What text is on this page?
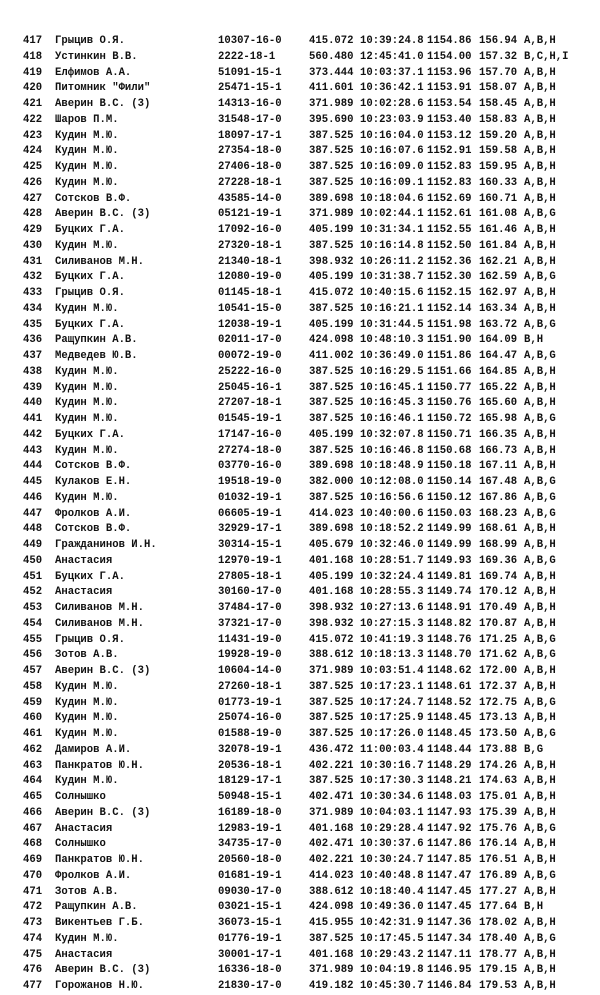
417 Грыцив О.Я.	10307-16-0	415.072 10:39:24.8 1154.86 156.94 A,B,H
418 Устинкин В.В.	2222-18-1	560.480 12:45:41.0 1154.00 157.32 B,C,H,I
419 Елфимов А.А.	51091-15-1	373.444 10:03:37.1 1153.96 157.70 A,B,H
420 Питомник "Фили"	25471-15-1	411.601 10:36:42.1 1153.91 158.07 A,B,H
421 Аверин В.С. (3)	14313-16-0	371.989 10:02:28.6 1153.54 158.45 A,B,H
422 Шаров П.М.	31548-17-0	395.690 10:23:03.9 1153.40 158.83 A,B,H
423 Кудин М.Ю.	18097-17-1	387.525 10:16:04.0 1153.12 159.20 A,B,H
424 Кудин М.Ю.	27354-18-0	387.525 10:16:07.6 1152.91 159.58 A,B,H
425 Кудин М.Ю.	27406-18-0	387.525 10:16:09.0 1152.83 159.95 A,B,H
426 Кудин М.Ю.	27228-18-1	387.525 10:16:09.1 1152.83 160.33 A,B,H
427 Сотсков В.Ф.	43585-14-0	389.698 10:18:04.6 1152.69 160.71 A,B,H
428 Аверин В.С. (3)	05121-19-1	371.989 10:02:44.1 1152.61 161.08 A,B,G
429 Буцких Г.А.	17092-16-0	405.199 10:31:34.1 1152.55 161.46 A,B,H
430 Кудин М.Ю.	27320-18-1	387.525 10:16:14.8 1152.50 161.84 A,B,H
431 Силиванов М.Н.	21340-18-1	398.932 10:26:11.2 1152.36 162.21 A,B,H
432 Буцких Г.А.	12080-19-0	405.199 10:31:38.7 1152.30 162.59 A,B,G
433 Грыцив О.Я.	01145-18-1	415.072 10:40:15.6 1152.15 162.97 A,B,H
434 Кудин М.Ю.	10541-15-0	387.525 10:16:21.1 1152.14 163.34 A,B,H
435 Буцких Г.А.	12038-19-1	405.199 10:31:44.5 1151.98 163.72 A,B,G
436 Ращупкин А.В.	02011-17-0	424.098 10:48:10.3 1151.90 164.09 B,H
437 Медведев Ю.В.	00072-19-0	411.002 10:36:49.0 1151.86 164.47 A,B,G
438 Кудин М.Ю.	25222-16-0	387.525 10:16:29.5 1151.66 164.85 A,B,H
439 Кудин М.Ю.	25045-16-1	387.525 10:16:45.1 1150.77 165.22 A,B,H
440 Кудин М.Ю.	27207-18-1	387.525 10:16:45.3 1150.76 165.60 A,B,H
441 Кудин М.Ю.	01545-19-1	387.525 10:16:46.1 1150.72 165.98 A,B,G
442 Буцких Г.А.	17147-16-0	405.199 10:32:07.8 1150.71 166.35 A,B,H
443 Кудин М.Ю.	27274-18-0	387.525 10:16:46.8 1150.68 166.73 A,B,H
444 Сотсков В.Ф.	03770-16-0	389.698 10:18:48.9 1150.18 167.11 A,B,H
445 Кулаков Е.Н.	19518-19-0	382.000 10:12:08.0 1150.14 167.48 A,B,G
446 Кудин М.Ю.	01032-19-1	387.525 10:16:56.6 1150.12 167.86 A,B,G
447 Фролков А.И.	06605-19-1	414.023 10:40:00.6 1150.03 168.23 A,B,G
448 Сотсков В.Ф.	32929-17-1	389.698 10:18:52.2 1149.99 168.61 A,B,H
449 Гражданинов И.Н.	30314-15-1	405.679 10:32:46.0 1149.99 168.99 A,B,H
450 Анастасия	12970-19-1	401.168 10:28:51.7 1149.93 169.36 A,B,G
451 Буцких Г.А.	27805-18-1	405.199 10:32:24.4 1149.81 169.74 A,B,H
452 Анастасия	30160-17-0	401.168 10:28:55.3 1149.74 170.12 A,B,H
453 Силиванов М.Н.	37484-17-0	398.932 10:27:13.6 1148.91 170.49 A,B,H
454 Силиванов М.Н.	37321-17-0	398.932 10:27:15.3 1148.82 170.87 A,B,H
455 Грыцив О.Я.	11431-19-0	415.072 10:41:19.3 1148.76 171.25 A,B,G
456 Зотов А.В.	19928-19-0	388.612 10:18:13.3 1148.70 171.62 A,B,G
457 Аверин В.С. (3)	10604-14-0	371.989 10:03:51.4 1148.62 172.00 A,B,H
458 Кудин М.Ю.	27260-18-1	387.525 10:17:23.1 1148.61 172.37 A,B,H
459 Кудин М.Ю.	01773-19-1	387.525 10:17:24.7 1148.52 172.75 A,B,G
460 Кудин М.Ю.	25074-16-0	387.525 10:17:25.9 1148.45 173.13 A,B,H
461 Кудин М.Ю.	01588-19-0	387.525 10:17:26.0 1148.45 173.50 A,B,G
462 Дамиров А.И.	32078-19-1	436.472 11:00:03.4 1148.44 173.88 B,G
463 Панкратов Ю.Н.	20536-18-1	402.221 10:30:16.7 1148.29 174.26 A,B,H
464 Кудин М.Ю.	18129-17-1	387.525 10:17:30.3 1148.21 174.63 A,B,H
465 Солнышко	50948-15-1	402.471 10:30:34.6 1148.03 175.01 A,B,H
466 Аверин В.С. (3)	16189-18-0	371.989 10:04:03.1 1147.93 175.39 A,B,H
467 Анастасия	12983-19-1	401.168 10:29:28.4 1147.92 175.76 A,B,G
468 Солнышко	34735-17-0	402.471 10:30:37.6 1147.86 176.14 A,B,H
469 Панкратов Ю.Н.	20560-18-0	402.221 10:30:24.7 1147.85 176.51 A,B,H
470 Фролков А.И.	01681-19-1	414.023 10:40:48.8 1147.47 176.89 A,B,G
471 Зотов А.В.	09030-17-0	388.612 10:18:40.4 1147.45 177.27 A,B,H
472 Ращупкин А.В.	03021-15-1	424.098 10:49:36.0 1147.45 177.64 B,H
473 Викентьев Г.Б.	36073-15-1	415.955 10:42:31.9 1147.36 178.02 A,B,H
474 Кудин М.Ю.	01776-19-1	387.525 10:17:45.5 1147.34 178.40 A,B,G
475 Анастасия	30001-17-1	401.168 10:29:43.2 1147.11 178.77 A,B,H
476 Аверин В.С. (3)	16336-18-0	371.989 10:04:19.8 1146.95 179.15 A,B,H
477 Горожанов Н.Ю.	21830-17-0	419.182 10:45:30.7 1146.84 179.53 A,B,H
